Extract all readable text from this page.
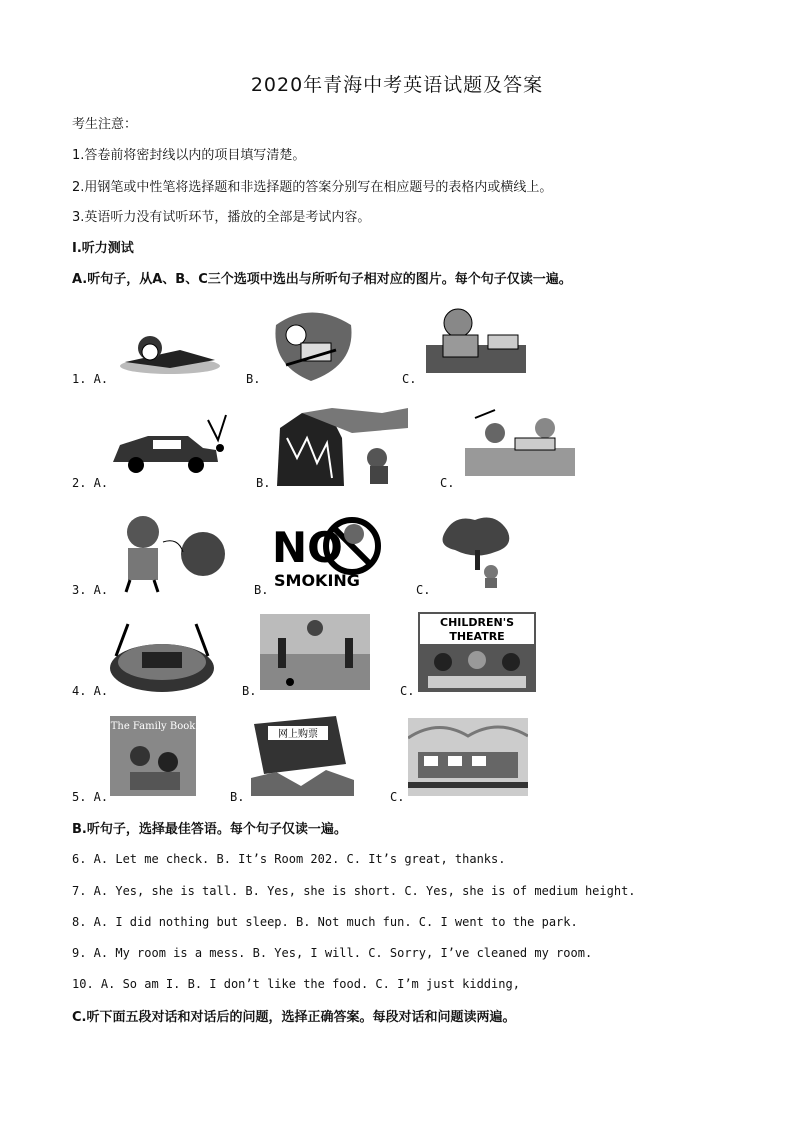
2020年青海中考英语试题及答案
考生注意：
1.答卷前将密封线以内的项目填写清楚。
2.用钢笔或中性笔将选择题和非选择题的答案分别写在相应题号的表格内或横线上。
3.英语听力没有试听环节，播放的全部是考试内容。
Ⅰ.听力测试
A.听句子，从A、B、C三个选项中选出与所听句子相对应的图片。每个句子仅读一遍。
1. A.	B.	C.
2. A.	B.	C.
3. A.	B.	C.
NO
SMOKING
4. A.	B.	C.
CHILDREN'S
THEATRE
5. A.	B.	C.
The Family Book
网上购票
B.听句子，选择最佳答语。每个句子仅读一遍。
6. A. Let me check. B. It’s Room 202. C. It’s great, thanks.
7. A. Yes, she is tall. B. Yes, she is short. C. Yes, she is of medium height.
8. A. I did nothing but sleep. B. Not much fun. C. I went to the park.
9. A. My room is a mess. B. Yes, I will. C. Sorry, I’ve cleaned my room.
10. A. So am I. B. I don’t like the food. C. I’m just kidding,
C.听下面五段对话和对话后的问题，选择正确答案。每段对话和问题读两遍。
